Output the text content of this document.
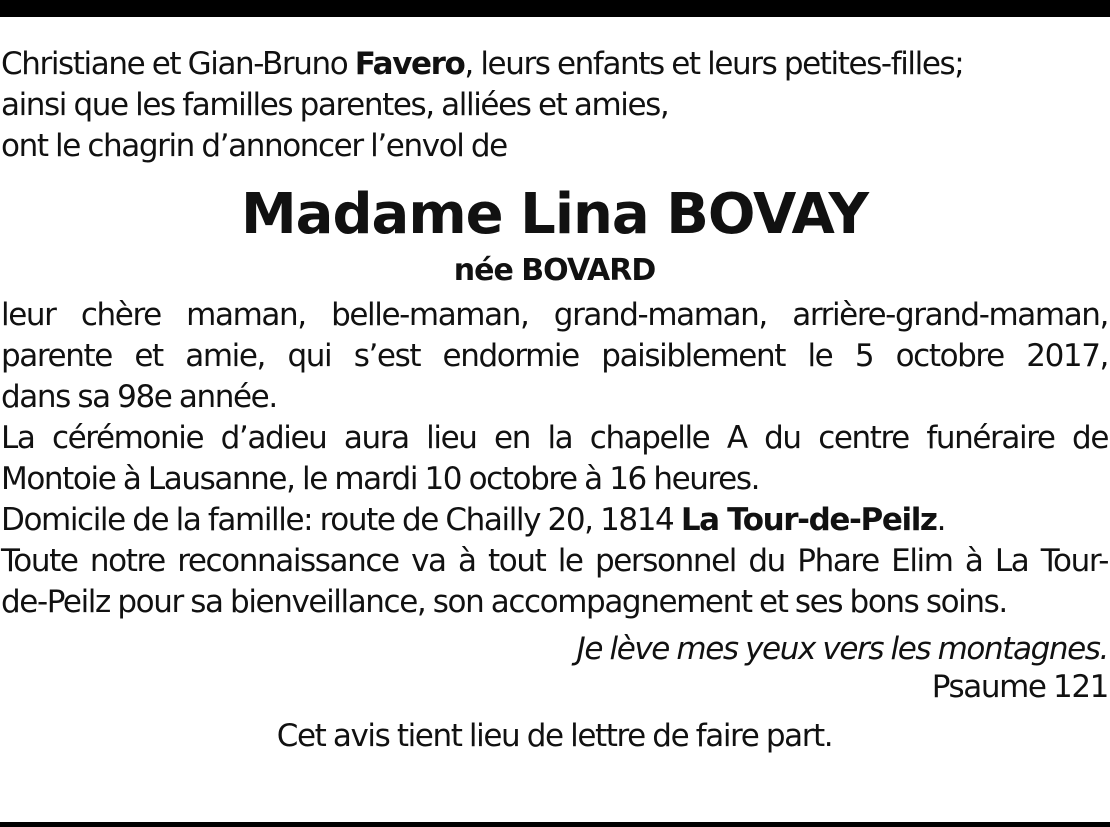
Christiane et Gian-Bruno Favero, leurs enfants et leurs petites-filles;

ainsi que les familles parentes, alliées et amies,

ont le chagrin d’annoncer l’envol de

Madame Lina BOVAY

née BOVARD

leur chère maman, belle-maman, grand-maman, arrière-grand-maman,

parente et amie, qui s’est endormie paisiblement le 5 octobre 2017,

dans sa 98e année.

La cérémonie d’adieu aura lieu en la chapelle A du centre funéraire de

Montoie à Lausanne, le mardi 10 octobre à 16 heures.

Domicile de la famille: route de Chailly 20, 1814 La Tour-de-Peilz.

Toute notre reconnaissance va à tout le personnel du Phare Elim à La Tour-

de-Peilz pour sa bienveillance, son accompagnement et ses bons soins.

Je lève mes yeux vers les montagnes.

Psaume 121

Cet avis tient lieu de lettre de faire part.
